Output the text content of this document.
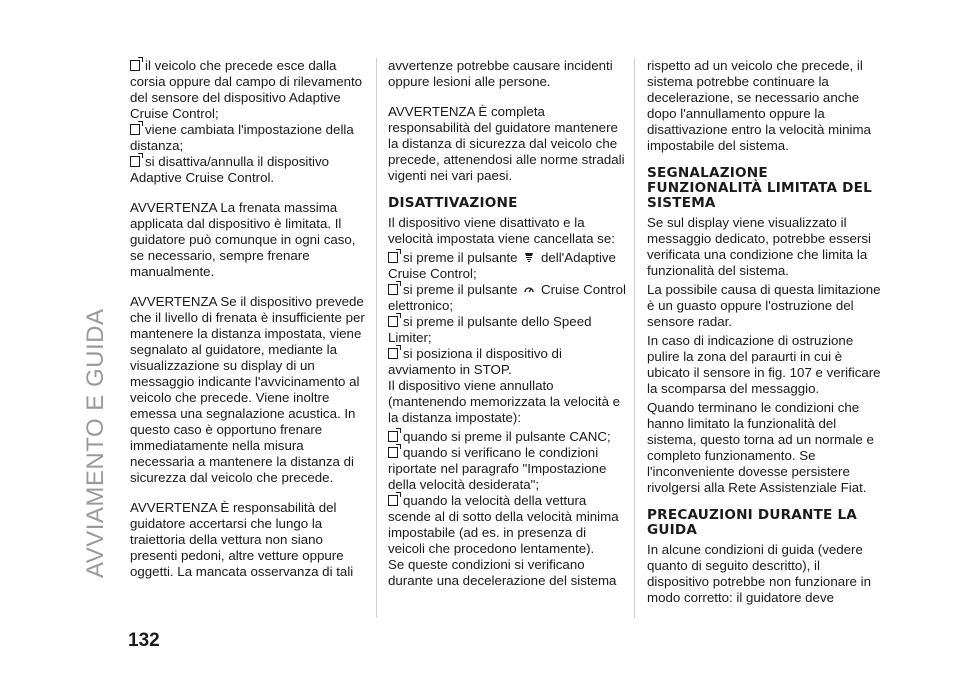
AVVIAMENTO E GUIDA

il veicolo che precede esce dalla corsia oppure dal campo di rilevamento del sensore del dispositivo Adaptive Cruise Control;

viene cambiata l'impostazione della distanza;

si disattiva/annulla il dispositivo Adaptive Cruise Control.

AVVERTENZA La frenata massima applicata dal dispositivo è limitata. Il guidatore può comunque in ogni caso, se necessario, sempre frenare manualmente.

AVVERTENZA Se il dispositivo prevede che il livello di frenata è insufficiente per mantenere la distanza impostata, viene segnalato al guidatore, mediante la visualizzazione su display di un messaggio indicante l'avvicinamento al veicolo che precede. Viene inoltre emessa una segnalazione acustica. In questo caso è opportuno frenare immediatamente nella misura necessaria a mantenere la distanza di sicurezza dal veicolo che precede.

AVVERTENZA È responsabilità del guidatore accertarsi che lungo la traiettoria della vettura non siano presenti pedoni, altre vetture oppure oggetti. La mancata osservanza di tali

avvertenze potrebbe causare incidenti oppure lesioni alle persone.

AVVERTENZA È completa responsabilità del guidatore mantenere la distanza di sicurezza dal veicolo che precede, attenendosi alle norme stradali vigenti nei vari paesi.

DISATTIVAZIONE

Il dispositivo viene disattivato e la velocità impostata viene cancellata se:

si preme il pulsante dell'Adaptive Cruise Control;

si preme il pulsante Cruise Control elettronico;

si preme il pulsante dello Speed Limiter;

si posiziona il dispositivo di avviamento in STOP.

Il dispositivo viene annullato (mantenendo memorizzata la velocità e la distanza impostate):

quando si preme il pulsante CANC;

quando si verificano le condizioni riportate nel paragrafo "Impostazione della velocità desiderata";

quando la velocità della vettura scende al di sotto della velocità minima impostabile (ad es. in presenza di veicoli che procedono lentamente).

Se queste condizioni si verificano durante una decelerazione del sistema

rispetto ad un veicolo che precede, il sistema potrebbe continuare la decelerazione, se necessario anche dopo l'annullamento oppure la disattivazione entro la velocità minima impostabile del sistema.

SEGNALAZIONE FUNZIONALITÀ LIMITATA DEL SISTEMA

Se sul display viene visualizzato il messaggio dedicato, potrebbe essersi verificata una condizione che limita la funzionalità del sistema.

La possibile causa di questa limitazione è un guasto oppure l'ostruzione del sensore radar.

In caso di indicazione di ostruzione pulire la zona del paraurti in cui è ubicato il sensore in fig. 107 e verificare la scomparsa del messaggio.

Quando terminano le condizioni che hanno limitato la funzionalità del sistema, questo torna ad un normale e completo funzionamento. Se l'inconveniente dovesse persistere rivolgersi alla Rete Assistenziale Fiat.

PRECAUZIONI DURANTE LA GUIDA

In alcune condizioni di guida (vedere quanto di seguito descritto), il dispositivo potrebbe non funzionare in modo corretto: il guidatore deve

132
